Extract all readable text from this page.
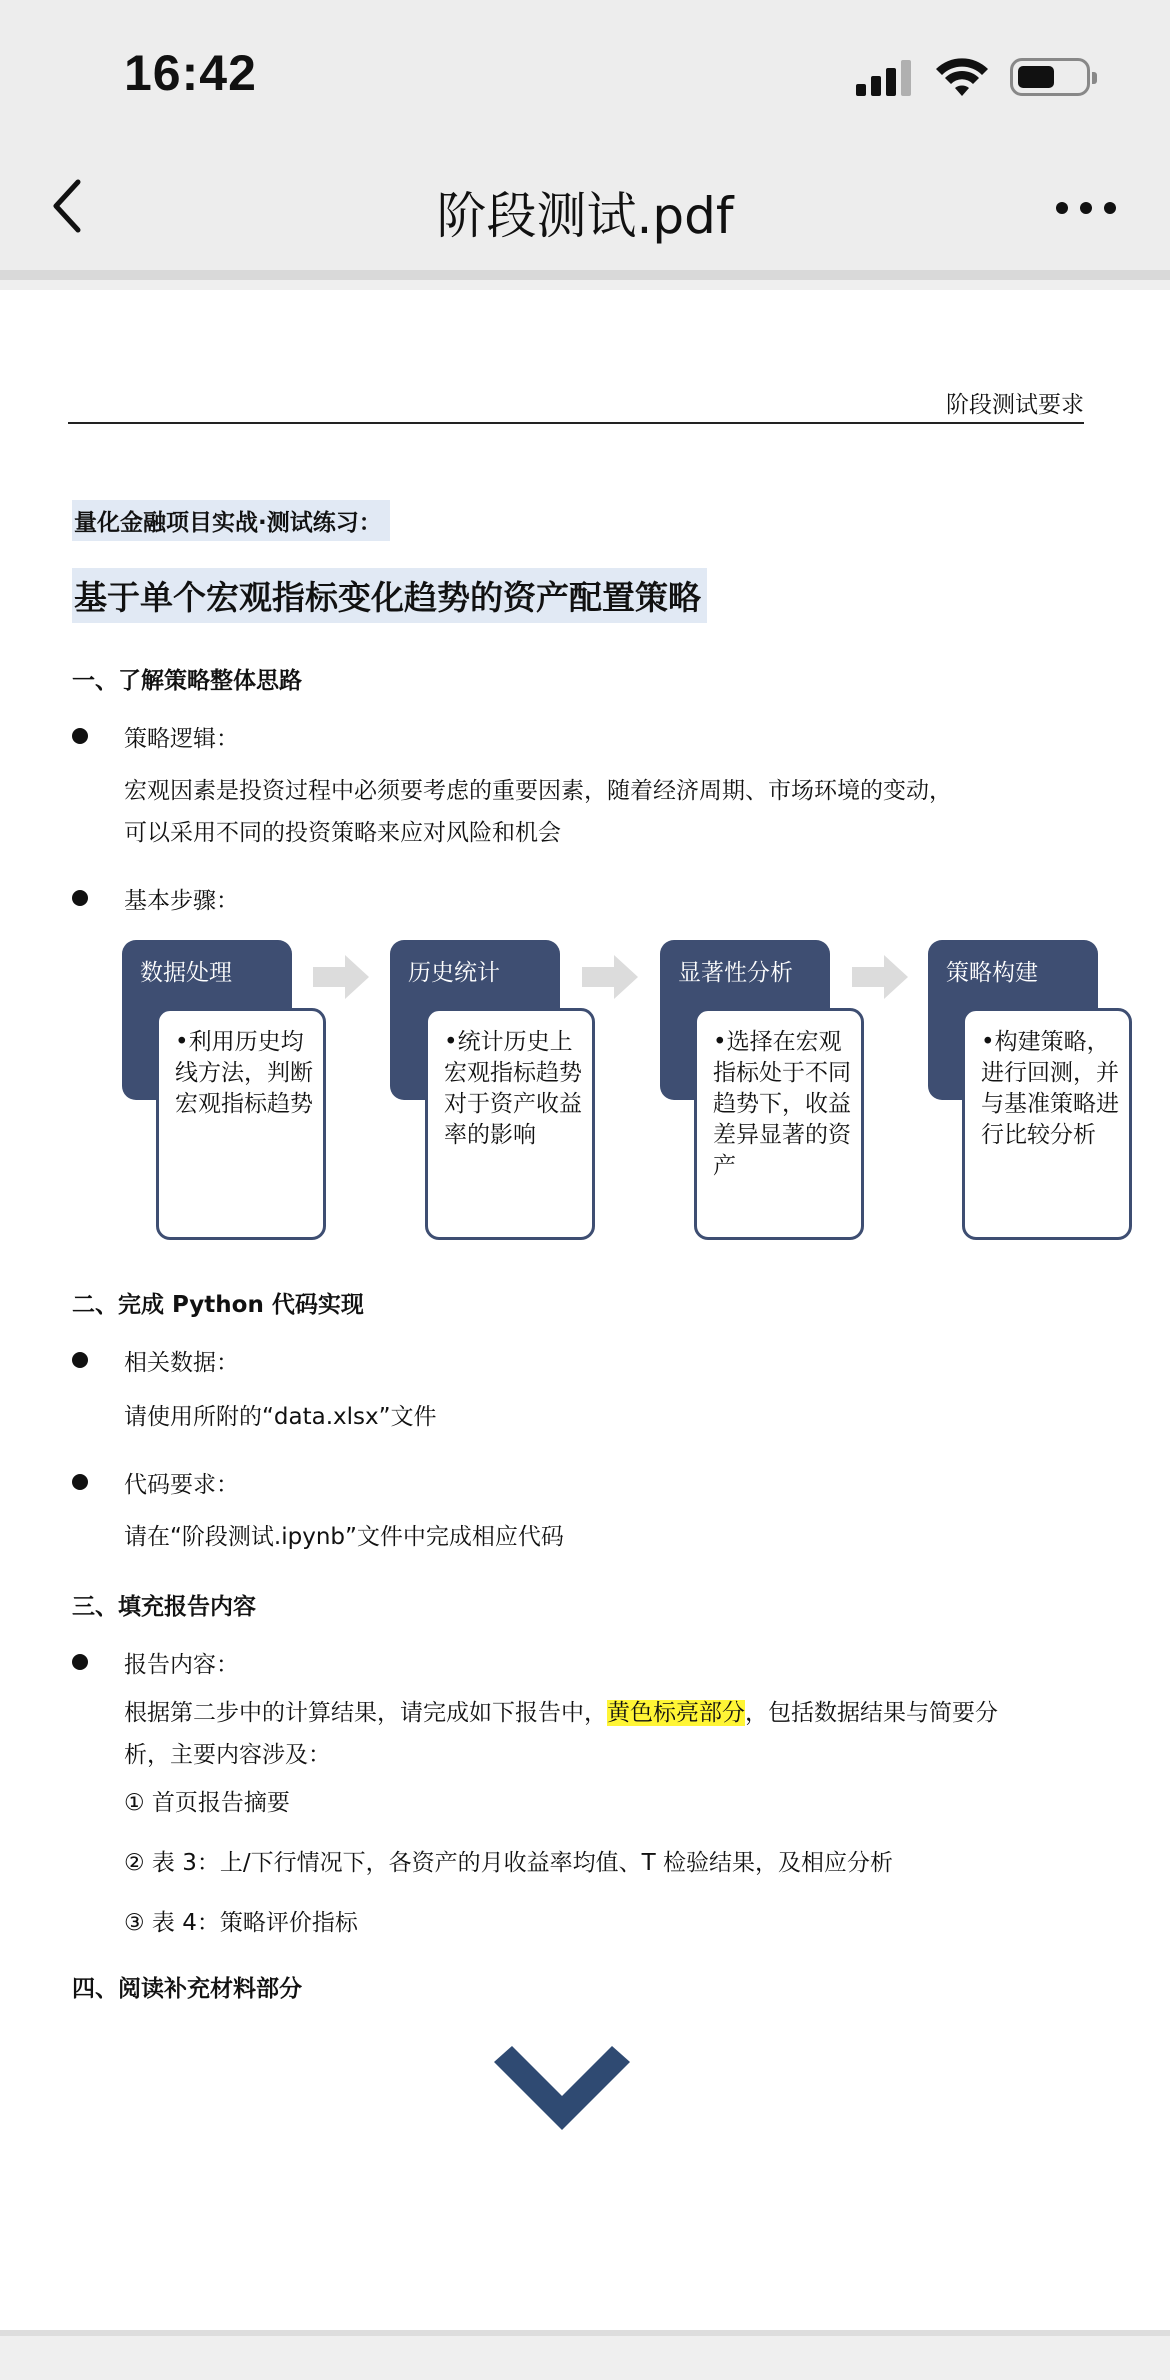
16:42
阶段测试.pdf
阶段测试要求
量化金融项目实战·测试练习：
基于单个宏观指标变化趋势的资产配置策略
一、了解策略整体思路
策略逻辑：
宏观因素是投资过程中必须要考虑的重要因素，随着经济周期、市场环境的变动，
可以采用不同的投资策略来应对风险和机会
基本步骤：
数据处理
•利用历史均线方法，判断宏观指标趋势
历史统计
•统计历史上宏观指标趋势对于资产收益率的影响
显著性分析
•选择在宏观指标处于不同趋势下，收益差异显著的资产
策略构建
•构建策略，进行回测，并与基准策略进行比较分析
二、完成 Python 代码实现
相关数据：
请使用所附的“data.xlsx”文件
代码要求：
请在“阶段测试.ipynb”文件中完成相应代码
三、填充报告内容
报告内容：
根据第二步中的计算结果，请完成如下报告中，黄色标亮部分，包括数据结果与简要分
析，主要内容涉及：
① 首页报告摘要
② 表 3：上/下行情况下，各资产的月收益率均值、T 检验结果，及相应分析
③ 表 4：策略评价指标
四、阅读补充材料部分
